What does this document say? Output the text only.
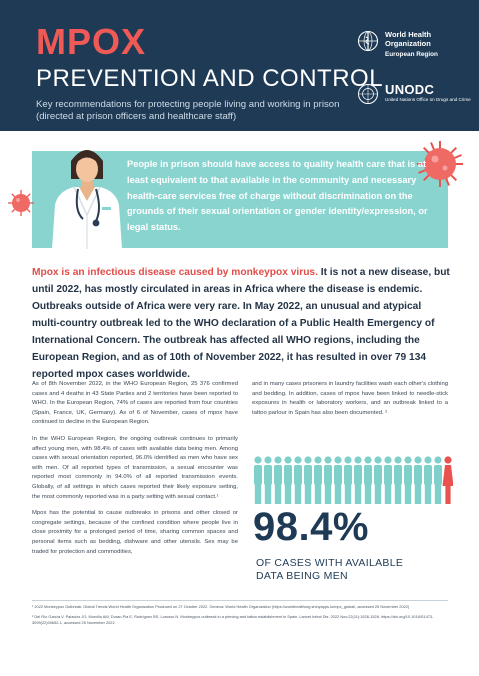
MPOX
PREVENTION AND CONTROL
Key recommendations for protecting people living and working in prison (directed at prison officers and healthcare staff)
World Health
Organization
European Region
UNODC
United Nations Office on Drugs and Crime
People in prison should have access to quality health care that is at least equivalent to that available in the community and necessary health-care services free of charge without discrimination on the grounds of their sexual orientation or gender identity/expression, or legal status.
Mpox is an infectious disease caused by monkeypox virus. It is not a new disease, but until 2022, has mostly circulated in areas in Africa where the disease is endemic. Outbreaks outside of Africa were very rare. In May 2022, an unusual and atypical multi-country outbreak led to the WHO declaration of a Public Health Emergency of International Concern. The outbreak has affected all WHO regions, including the European Region, and as of 10th of November 2022, it has resulted in over 79 134 reported mpox cases worldwide.

As of 8th November 2022, in the WHO European Region, 25 376 confirmed cases and 4 deaths in 43 State Parties and 2 territories have been reported to WHO. In the European Region, 74% of cases are reported from four countries (Spain, France, UK, Germany). As of 6 of November, cases of mpox have continued to decline in the European Region.

In the WHO European Region, the ongoing outbreak continues to primarily affect young men, with 98.4% of cases with available data being men. Among cases with sexual orientation reported, 96.0% identified as men who have sex with men. Of all reported types of transmission, a sexual encounter was reported most commonly in 94.0% of all reported transmission events. Globally, of all settings in which cases reported their likely exposure setting, the most commonly reported was in a party setting with sexual contact.¹

Mpox has the potential to cause outbreaks in prisons and other closed or congregate settings, because of the confined condition where people live in close proximity for a prolonged period of time, sharing common spaces and personal items such as bedding, dishware and other utensils. Sex may be traded for protection and commodities,

and in many cases prisoners in laundry facilities wash each other's clothing and bedding. In addition, cases of mpox have been linked to needle-stick exposures in health or laboratory workers, and an outbreak linked to a tattoo parlour in Spain has also been documented. ²

98.4%
OF CASES WITH AVAILABLE DATA BEING MEN

¹ 2022 Monkeypox Outbreak: Global Trends World Health Organization Produced on 27 October 2022. Geneva: World Health Organization (https://worldhealthorg.shinyapps.io/mpx_global/, accessed 25 November 2022)

² Del Río García V, Palacios JG, Morcillo AM, Duran-Pla E, Rodríguez BS, Lorusso N. Monkeypox outbreak in a piercing and tattoo establishment in Spain. Lancet Infect Dis. 2022 Nov;22(11):1526-1528. https://doi.org/10.1016/S1473-3099(22)00652-1, accessed 25 November 2022.
